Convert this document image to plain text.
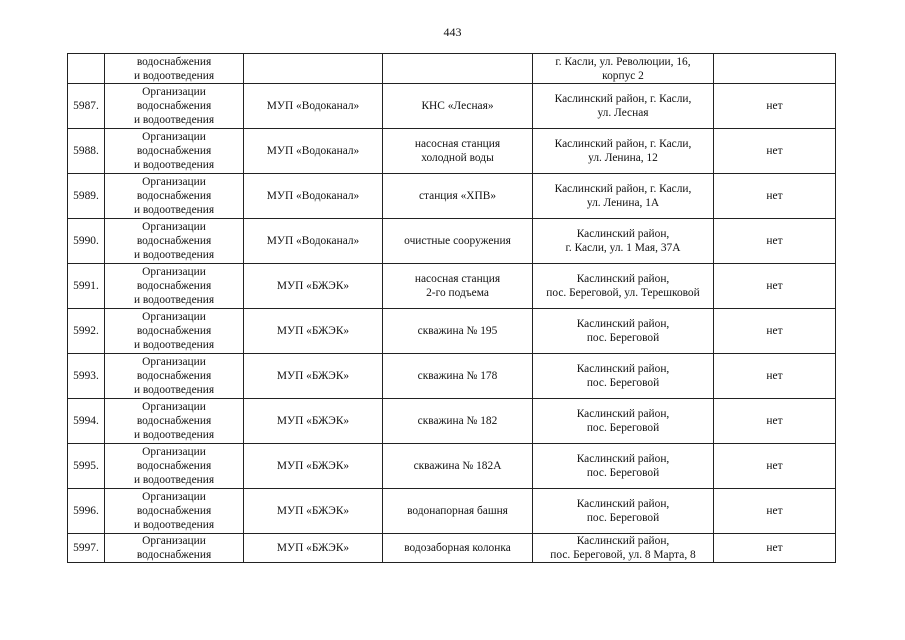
443

	водоснабжения
и водоотведения			г. Касли, ул. Революции, 16,
корпус 2	

5987.	Организации
водоснабжения
и водоотведения	МУП «Водоканал»	КНС «Лесная»	Каслинский район, г. Касли,
ул. Лесная	нет
5988.	Организации
водоснабжения
и водоотведения	МУП «Водоканал»	насосная станция
холодной воды	Каслинский район, г. Касли,
ул. Ленина, 12	нет
5989.	Организации
водоснабжения
и водоотведения	МУП «Водоканал»	станция «ХПВ»	Каслинский район, г. Касли,
ул. Ленина, 1А	нет
5990.	Организации
водоснабжения
и водоотведения	МУП «Водоканал»	очистные сооружения	Каслинский район,
г. Касли, ул. 1 Мая, 37А	нет
5991.	Организации
водоснабжения
и водоотведения	МУП «БЖЭК»	насосная станция
2-го подъема	Каслинский район,
пос. Береговой, ул. Терешковой	нет
5992.	Организации
водоснабжения
и водоотведения	МУП «БЖЭК»	скважина № 195	Каслинский район,
пос. Береговой	нет
5993.	Организации
водоснабжения
и водоотведения	МУП «БЖЭК»	скважина № 178	Каслинский район,
пос. Береговой	нет
5994.	Организации
водоснабжения
и водоотведения	МУП «БЖЭК»	скважина № 182	Каслинский район,
пос. Береговой	нет
5995.	Организации
водоснабжения
и водоотведения	МУП «БЖЭК»	скважина № 182А	Каслинский район,
пос. Береговой	нет
5996.	Организации
водоснабжения
и водоотведения	МУП «БЖЭК»	водонапорная башня	Каслинский район,
пос. Береговой	нет
5997.	Организации
водоснабжения	МУП «БЖЭК»	водозаборная колонка	Каслинский район,
пос. Береговой, ул. 8 Марта, 8	нет
